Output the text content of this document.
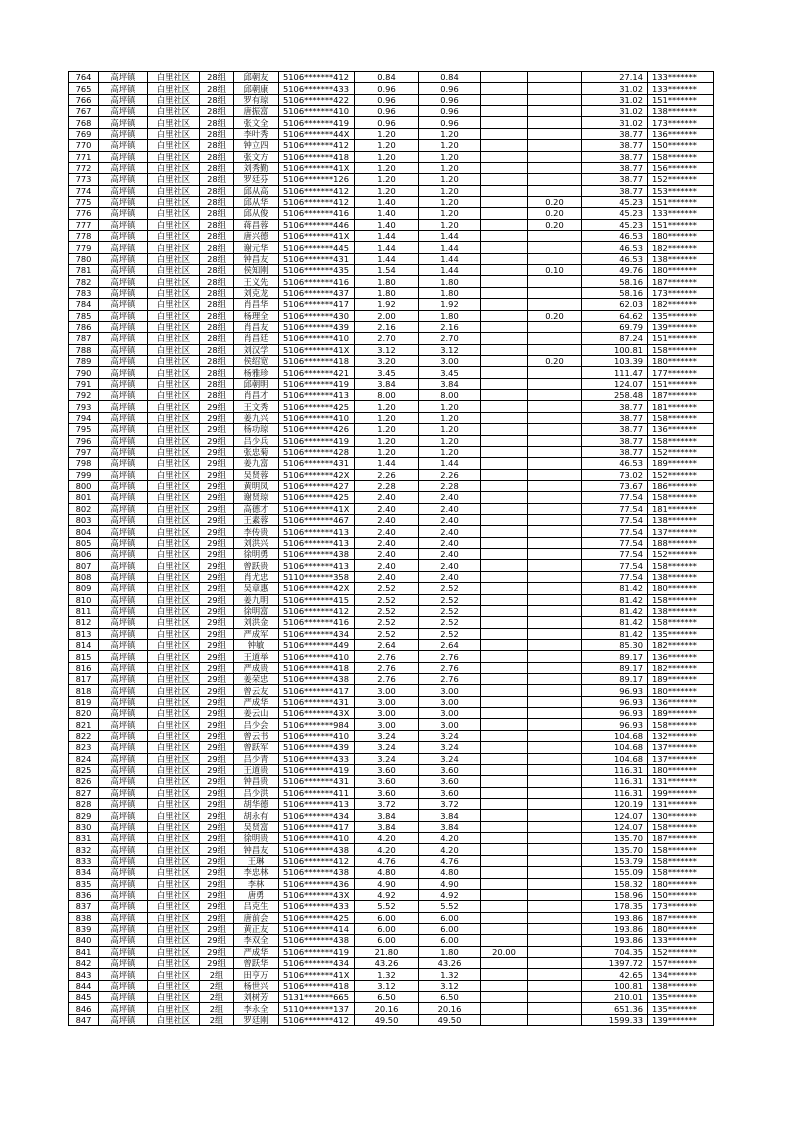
764	高坪镇	白里社区	28组	邱朝友	5106*******412	0.84	0.84			27.14	133*******
765	高坪镇	白里社区	28组	邱朝康	5106*******433	0.96	0.96			31.02	133*******
766	高坪镇	白里社区	28组	罗有琼	5106*******422	0.96	0.96			31.02	151*******
767	高坪镇	白里社区	28组	唐振富	5106*******410	0.96	0.96			31.02	138*******
768	高坪镇	白里社区	28组	张文全	5106*******419	0.96	0.96			31.02	173*******
769	高坪镇	白里社区	28组	李叶秀	5106*******44X	1.20	1.20			38.77	136*******
770	高坪镇	白里社区	28组	钟立四	5106*******412	1.20	1.20			38.77	150*******
771	高坪镇	白里社区	28组	张文方	5106*******418	1.20	1.20			38.77	158*******
772	高坪镇	白里社区	28组	刘秀勤	5106*******41X	1.20	1.20			38.77	156*******
773	高坪镇	白里社区	28组	罗廷芬	5106*******126	1.20	1.20			38.77	152*******
774	高坪镇	白里社区	28组	邱从高	5106*******412	1.20	1.20			38.77	153*******
775	高坪镇	白里社区	28组	邱从华	5106*******412	1.40	1.20		0.20	45.23	151*******
776	高坪镇	白里社区	28组	邱从俊	5106*******416	1.40	1.20		0.20	45.23	133*******
777	高坪镇	白里社区	28组	蒋昌蓉	5106*******446	1.40	1.20		0.20	45.23	151*******
778	高坪镇	白里社区	28组	唐兴德	5106*******41X	1.44	1.44			46.53	180*******
779	高坪镇	白里社区	28组	谢元华	5106*******445	1.44	1.44			46.53	182*******
780	高坪镇	白里社区	28组	钟昌友	5106*******431	1.44	1.44			46.53	138*******
781	高坪镇	白里社区	28组	侯知刚	5106*******435	1.54	1.44		0.10	49.76	180*******
782	高坪镇	白里社区	28组	王义先	5106*******416	1.80	1.80			58.16	187*******
783	高坪镇	白里社区	28组	刘克龙	5106*******437	1.80	1.80			58.16	173*******
784	高坪镇	白里社区	28组	肖昌华	5106*******417	1.92	1.92			62.03	182*******
785	高坪镇	白里社区	28组	杨理全	5106*******430	2.00	1.80		0.20	64.62	135*******
786	高坪镇	白里社区	28组	肖昌友	5106*******439	2.16	2.16			69.79	139*******
787	高坪镇	白里社区	28组	肖昌廷	5106*******410	2.70	2.70			87.24	151*******
788	高坪镇	白里社区	28组	刘汉学	5106*******41X	3.12	3.12			100.81	158*******
789	高坪镇	白里社区	28组	侯绍宽	5106*******418	3.20	3.00		0.20	103.39	180*******
790	高坪镇	白里社区	28组	杨雅珍	5106*******421	3.45	3.45			111.47	177*******
791	高坪镇	白里社区	28组	邱朝明	5106*******419	3.84	3.84			124.07	151*******
792	高坪镇	白里社区	28组	肖昌才	5106*******413	8.00	8.00			258.48	187*******
793	高坪镇	白里社区	29组	王文秀	5106*******425	1.20	1.20			38.77	181*******
794	高坪镇	白里社区	29组	姜九兴	5106*******410	1.20	1.20			38.77	158*******
795	高坪镇	白里社区	29组	杨功琼	5106*******426	1.20	1.20			38.77	136*******
796	高坪镇	白里社区	29组	吕少兵	5106*******419	1.20	1.20			38.77	158*******
797	高坪镇	白里社区	29组	张忠菊	5106*******428	1.20	1.20			38.77	152*******
798	高坪镇	白里社区	29组	姜九富	5106*******431	1.44	1.44			46.53	189*******
799	高坪镇	白里社区	29组	吴贤蓉	5106*******42X	2.26	2.26			73.02	152*******
800	高坪镇	白里社区	29组	黄明凤	5106*******427	2.28	2.28			73.67	186*******
801	高坪镇	白里社区	29组	谢贤琼	5106*******425	2.40	2.40			77.54	158*******
802	高坪镇	白里社区	29组	高德才	5106*******41X	2.40	2.40			77.54	181*******
803	高坪镇	白里社区	29组	王素蓉	5106*******467	2.40	2.40			77.54	138*******
804	高坪镇	白里社区	29组	李传贵	5106*******413	2.40	2.40			77.54	137*******
805	高坪镇	白里社区	29组	刘洪兴	5106*******413	2.40	2.40			77.54	188*******
806	高坪镇	白里社区	29组	徐明勇	5106*******438	2.40	2.40			77.54	152*******
807	高坪镇	白里社区	29组	曾跃贵	5106*******413	2.40	2.40			77.54	158*******
808	高坪镇	白里社区	29组	肖尤忠	5110*******358	2.40	2.40			77.54	138*******
809	高坪镇	白里社区	29组	吴章惠	5106*******42X	2.52	2.52			81.42	180*******
810	高坪镇	白里社区	29组	姜九明	5106*******415	2.52	2.52			81.42	158*******
811	高坪镇	白里社区	29组	徐明富	5106*******412	2.52	2.52			81.42	138*******
812	高坪镇	白里社区	29组	刘洪金	5106*******416	2.52	2.52			81.42	158*******
813	高坪镇	白里社区	29组	严成军	5106*******434	2.52	2.52			81.42	135*******
814	高坪镇	白里社区	29组	钟敏	5106*******449	2.64	2.64			85.30	182*******
815	高坪镇	白里社区	29组	王道举	5106*******410	2.76	2.76			89.17	136*******
816	高坪镇	白里社区	29组	严成贵	5106*******418	2.76	2.76			89.17	182*******
817	高坪镇	白里社区	29组	姜荣忠	5106*******438	2.76	2.76			89.17	189*******
818	高坪镇	白里社区	29组	曾云友	5106*******417	3.00	3.00			96.93	180*******
819	高坪镇	白里社区	29组	严成华	5106*******431	3.00	3.00			96.93	136*******
820	高坪镇	白里社区	29组	姜云山	5106*******43X	3.00	3.00			96.93	189*******
821	高坪镇	白里社区	29组	吕少会	5106*******984	3.00	3.00			96.93	158*******
822	高坪镇	白里社区	29组	曾云书	5106*******410	3.24	3.24			104.68	132*******
823	高坪镇	白里社区	29组	曾跃军	5106*******439	3.24	3.24			104.68	137*******
824	高坪镇	白里社区	29组	吕少青	5106*******433	3.24	3.24			104.68	137*******
825	高坪镇	白里社区	29组	王道贵	5106*******419	3.60	3.60			116.31	180*******
826	高坪镇	白里社区	29组	钟昌贵	5106*******431	3.60	3.60			116.31	131*******
827	高坪镇	白里社区	29组	吕少洪	5106*******411	3.60	3.60			116.31	199*******
828	高坪镇	白里社区	29组	胡华德	5106*******413	3.72	3.72			120.19	131*******
829	高坪镇	白里社区	29组	胡永有	5106*******434	3.84	3.84			124.07	130*******
830	高坪镇	白里社区	29组	吴贤富	5106*******417	3.84	3.84			124.07	158*******
831	高坪镇	白里社区	29组	徐明贵	5106*******410	4.20	4.20			135.70	187*******
832	高坪镇	白里社区	29组	钟昌友	5106*******438	4.20	4.20			135.70	158*******
833	高坪镇	白里社区	29组	王琳	5106*******412	4.76	4.76			153.79	158*******
834	高坪镇	白里社区	29组	李忠林	5106*******438	4.80	4.80			155.09	158*******
835	高坪镇	白里社区	29组	李林	5106*******436	4.90	4.90			158.32	180*******
836	高坪镇	白里社区	29组	唐勇	5106*******43X	4.92	4.92			158.96	150*******
837	高坪镇	白里社区	29组	吕克生	5106*******433	5.52	5.52			178.35	173*******
838	高坪镇	白里社区	29组	唐前会	5106*******425	6.00	6.00			193.86	187*******
839	高坪镇	白里社区	29组	黄正友	5106*******414	6.00	6.00			193.86	180*******
840	高坪镇	白里社区	29组	李双全	5106*******438	6.00	6.00			193.86	133*******
841	高坪镇	白里社区	29组	严成华	5106*******419	21.80	1.80	20.00		704.35	152*******
842	高坪镇	白里社区	29组	曾跃华	5106*******434	43.26	43.26			1397.72	157*******
843	高坪镇	白里社区	2组	田亨万	5106*******41X	1.32	1.32			42.65	134*******
844	高坪镇	白里社区	2组	杨世兴	5106*******418	3.12	3.12			100.81	138*******
845	高坪镇	白里社区	2组	刘树芳	5131*******665	6.50	6.50			210.01	135*******
846	高坪镇	白里社区	2组	李永全	5110*******137	20.16	20.16			651.36	135*******
847	高坪镇	白里社区	2组	罗廷刚	5106*******412	49.50	49.50			1599.33	139*******
